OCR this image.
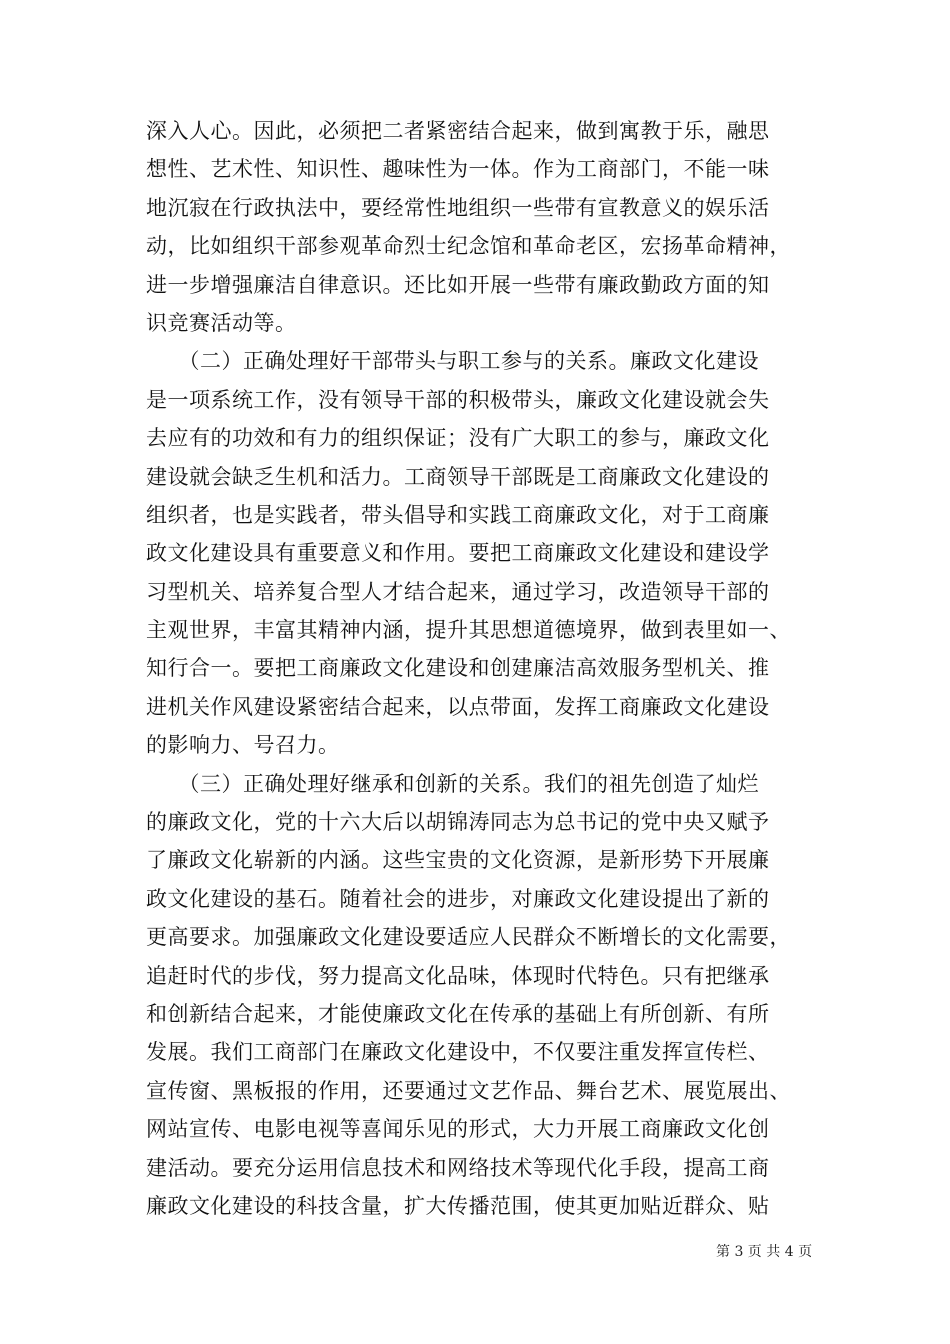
深入人心。因此，必须把二者紧密结合起来，做到寓教于乐，融思
想性、艺术性、知识性、趣味性为一体。作为工商部门，不能一味
地沉寂在行政执法中，要经常性地组织一些带有宣教意义的娱乐活
动，比如组织干部参观革命烈士纪念馆和革命老区，宏扬革命精神，
进一步增强廉洁自律意识。还比如开展一些带有廉政勤政方面的知
识竞赛活动等。
　　（二）正确处理好干部带头与职工参与的关系。廉政文化建设
是一项系统工作，没有领导干部的积极带头，廉政文化建设就会失
去应有的功效和有力的组织保证；没有广大职工的参与，廉政文化
建设就会缺乏生机和活力。工商领导干部既是工商廉政文化建设的
组织者，也是实践者，带头倡导和实践工商廉政文化，对于工商廉
政文化建设具有重要意义和作用。要把工商廉政文化建设和建设学
习型机关、培养复合型人才结合起来，通过学习，改造领导干部的
主观世界，丰富其精神内涵，提升其思想道德境界，做到表里如一、
知行合一。要把工商廉政文化建设和创建廉洁高效服务型机关、推
进机关作风建设紧密结合起来，以点带面，发挥工商廉政文化建设
的影响力、号召力。
　　（三）正确处理好继承和创新的关系。我们的祖先创造了灿烂
的廉政文化，党的十六大后以胡锦涛同志为总书记的党中央又赋予
了廉政文化崭新的内涵。这些宝贵的文化资源，是新形势下开展廉
政文化建设的基石。随着社会的进步，对廉政文化建设提出了新的
更高要求。加强廉政文化建设要适应人民群众不断增长的文化需要，
追赶时代的步伐，努力提高文化品味，体现时代特色。只有把继承
和创新结合起来，才能使廉政文化在传承的基础上有所创新、有所
发展。我们工商部门在廉政文化建设中，不仅要注重发挥宣传栏、
宣传窗、黑板报的作用，还要通过文艺作品、舞台艺术、展览展出、
网站宣传、电影电视等喜闻乐见的形式，大力开展工商廉政文化创
建活动。要充分运用信息技术和网络技术等现代化手段，提高工商
廉政文化建设的科技含量，扩大传播范围，使其更加贴近群众、贴
第 3 页 共 4 页
